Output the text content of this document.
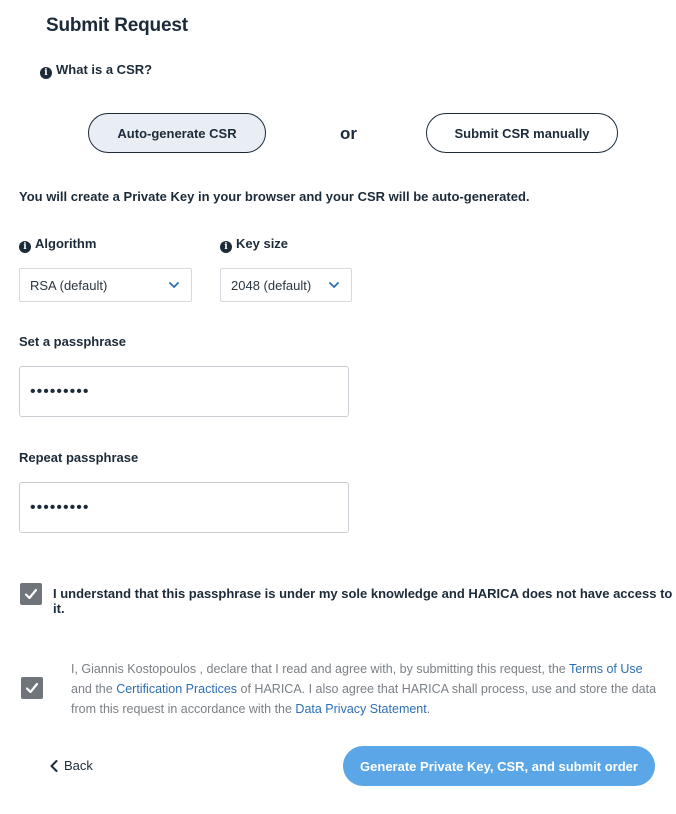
Submit Request
i What is a CSR?
Auto-generate CSR	or	Submit CSR manually
You will create a Private Key in your browser and your CSR will be auto-generated.
i Algorithm	i Key size
RSA (default)	2048 (default)
Set a passphrase
•••••••••
Repeat passphrase
•••••••••
I understand that this passphrase is under my sole knowledge and HARICA does not have access to it.
I, Giannis Kostopoulos , declare that I read and agree with, by submitting this request, the Terms of Use and the Certification Practices of HARICA. I also agree that HARICA shall process, use and store the data from this request in accordance with the Data Privacy Statement.
Back	Generate Private Key, CSR, and submit order
